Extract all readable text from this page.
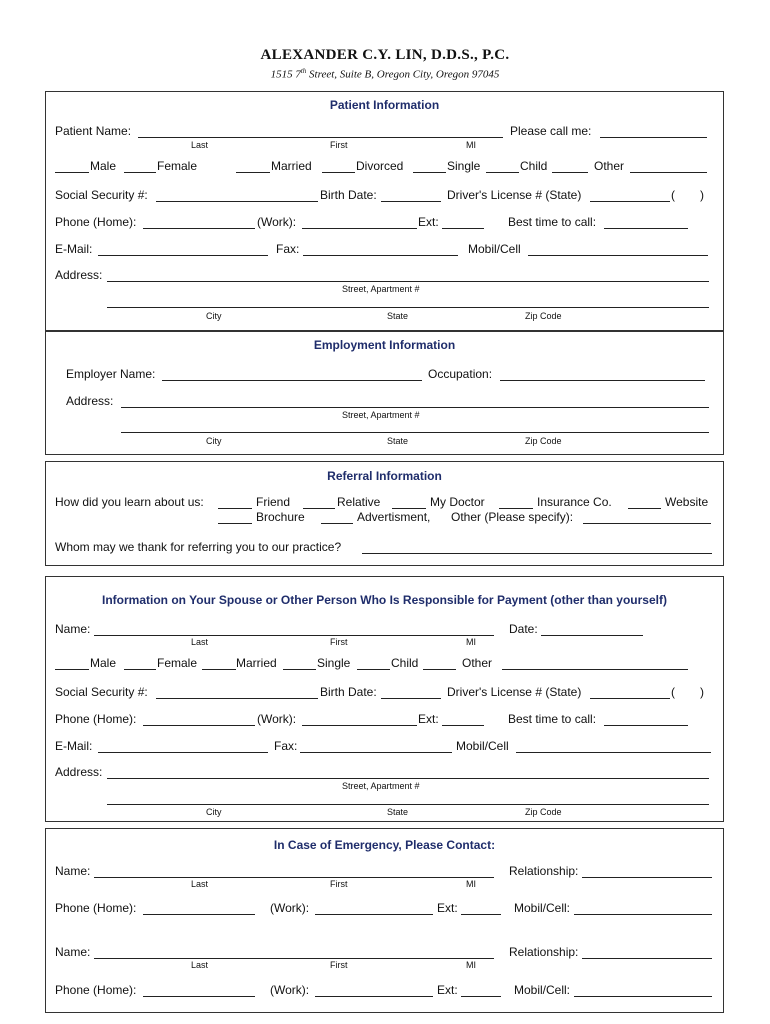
ALEXANDER C.Y. LIN, D.D.S., P.C.
1515 7th Street, Suite B, Oregon City, Oregon 97045
Patient Information
Patient Name:
Last	First	MI
Please call me:
Male	Female	Married	Divorced	Single	Child	Other
Social Security #:	Birth Date:	Driver's License # (State)	( )
Phone (Home):	(Work):	Ext:	Best time to call:
E-Mail:	Fax:	Mobil/Cell
Address:
Street, Apartment #
City	State	Zip Code
Employment Information
Employer Name:	Occupation:
Address:
Street, Apartment #
City	State	Zip Code
Referral Information
How did you learn about us:	Friend	Relative	My Doctor	Insurance Co.	Website
Brochure	Advertisment, Other (Please specify):
Whom may we thank for referring you to our practice?
Information on Your Spouse or Other Person Who Is Responsible for Payment (other than yourself)
Name:
Last	First	MI
Date:
Male	Female	Married	Single	Child	Other
Social Security #:	Birth Date:	Driver's License # (State)	( )
Phone (Home):	(Work):	Ext:	Best time to call:
E-Mail:	Fax:	Mobil/Cell
Address:
Street, Apartment #
City	State	Zip Code
In Case of Emergency, Please Contact:
Name:
Last	First	MI
Relationship:
Phone (Home):	(Work):	Ext:	Mobil/Cell:
Name:
Last	First	MI
Relationship:
Phone (Home):	(Work):	Ext:	Mobil/Cell:
